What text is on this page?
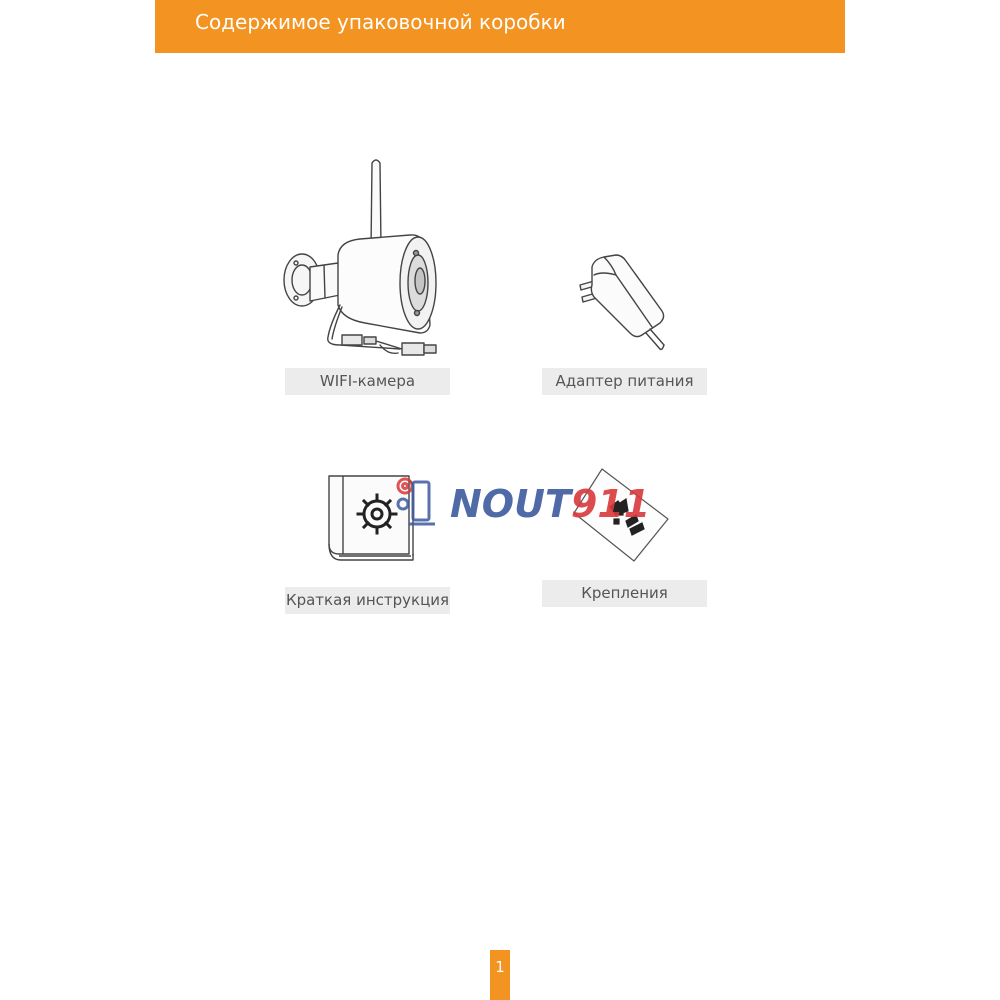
Содержимое упаковочной коробки
WIFI-камера	Адаптер питания
Краткая инструкция	Крепления
NOUT911
1
